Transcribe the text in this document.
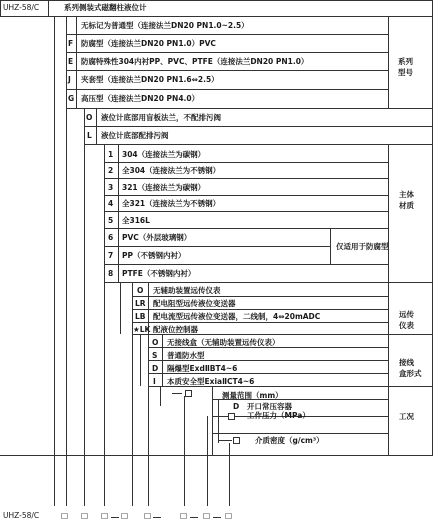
UHZ-58/C	系列侧装式磁翻柱液位计
无标记为普通型（连接法兰DN20 PN1.0~2.5）
F 防腐型（连接法兰DN20 PN1.0）PVC
E 防腐特殊性304内衬PP、PVC、PTFE（连接法兰DN20 PN1.0）
J 夹套型（连接法兰DN20 PN1.6⇔2.5）
G 高压型（连接法兰DN20 PN4.0）
系列
型号
O 液位计底部用盲板法兰，不配排污阀
L 液位计底部配排污阀
1 304（连接法兰为碳钢）
2 全304（连接法兰为不锈钢）
3 321（连接法兰为碳钢）
4 全321（连接法兰为不锈钢）
5 全316L
6 PVC（外层玻璃钢）
7 PP（不锈钢内衬）
8 PTFE（不锈钢内衬）
仅适用于防腐型
主体
材质
O 无辅助装置远传仪表
LR 配电阻型远传液位变送器
LB 配电流型远传液位变送器，二线制，4⇔20mADC
★LK 配液位控制器
远传
仪表
O 无接线盒（无辅助装置远传仪表）
S 普通防水型
D 隔爆型ExdⅡBT4~6
I 本质安全型ExiaⅡCT4~6
接线
盒形式
测量范围（mm）
D 开口常压容器
工作压力（MPa）
介质密度（g/cm³）
工况
UHZ-58/C	□ □ □ □ □	□ □ □
